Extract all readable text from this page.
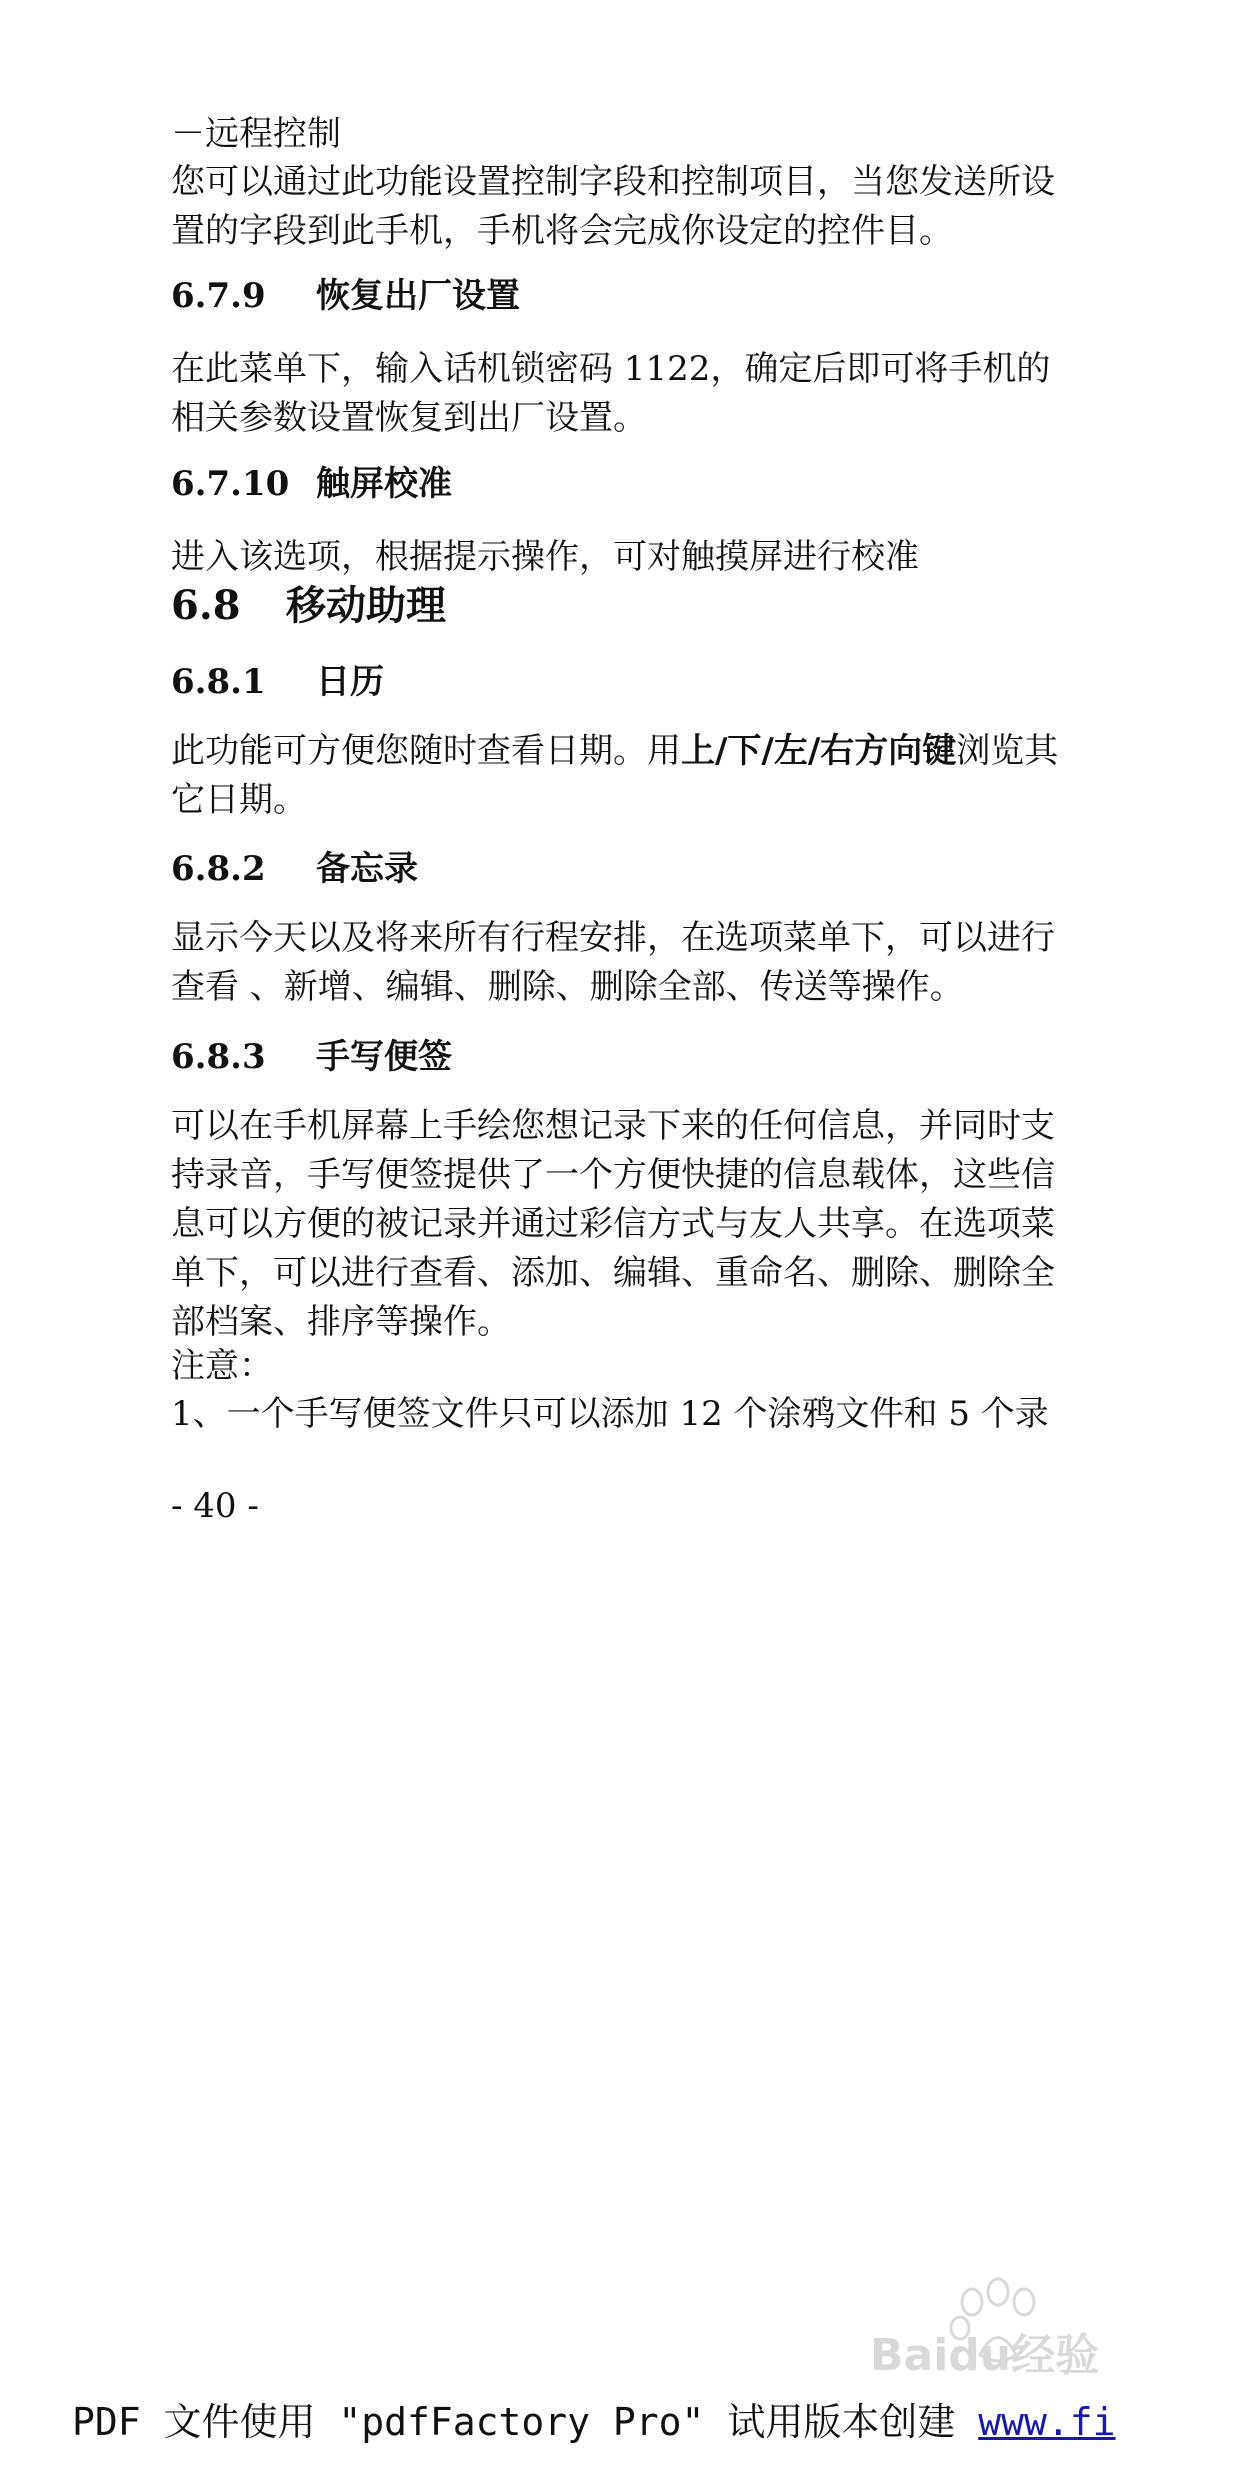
－远程控制

您可以通过此功能设置控制字段和控制项目，当您发送所设置的字段到此手机，手机将会完成你设定的控件目。

6.7.9 恢复出厂设置

在此菜单下，输入话机锁密码 1122，确定后即可将手机的相关参数设置恢复到出厂设置。

6.7.10 触屏校准

进入该选项，根据提示操作，可对触摸屏进行校准

6.8 移动助理
6.8.1 日历

此功能可方便您随时查看日期。用上/下/左/右方向键浏览其它日期。

6.8.2 备忘录

显示今天以及将来所有行程安排，在选项菜单下，可以进行查看 、新增、编辑、删除、删除全部、传送等操作。

6.8.3 手写便签

可以在手机屏幕上手绘您想记录下来的任何信息，并同时支持录音，手写便签提供了一个方便快捷的信息载体，这些信息可以方便的被记录并通过彩信方式与友人共享。在选项菜单下，可以进行查看、添加、编辑、重命名、删除、删除全部档案、排序等操作。

注意：

1、一个手写便签文件只可以添加 12 个涂鸦文件和 5 个录

- 40 -

Baidu经验
PDF 文件使用 "pdfFactory Pro" 试用版本创建 www.fi
